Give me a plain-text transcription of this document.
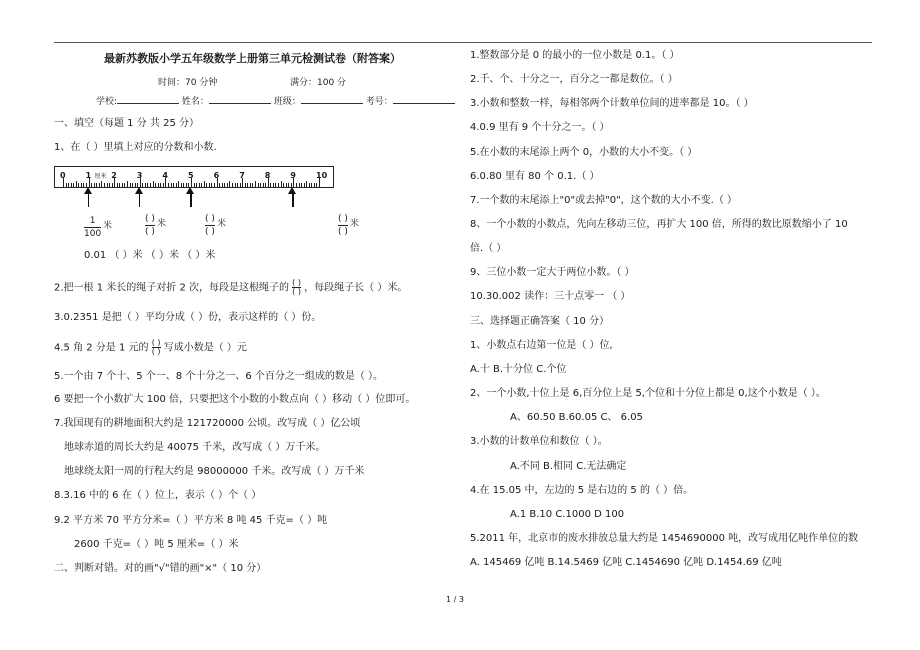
最新苏教版小学五年级数学上册第三单元检测试卷（附答案）
时间：70 分钟	满分：100 分
学校:	姓名：	班级：	考号：
一、填空（每题 1 分 共 25 分）
1、在（ ）里填上对应的分数和小数.
0	1	2	3	4	5	6	7	8	9	10
厘米
1
100
米
( )
( )
米	( )
( )
米	( )
( )
米
0.01 （ ）米 （ ）米 （ ）米
2.把一根 1 米长的绳子对折 2 次，每段是这根绳子的 ( )

( ) ，每段绳子长（ ）米。
3.0.2351 是把（ ）平均分成（ ）份，表示这样的（ ）份。
4.5 角 2 分是 1 元的 ( )

( ) 写成小数是（ ）元
5.一个由 7 个十、5 个一、8 个十分之一、6 个百分之一组成的数是（ ）。
6 要把一个小数扩大 100 倍，只要把这个小数的小数点向（ ）移动（ ）位即可。
7.我国现有的耕地面积大约是 121720000 公顷。改写成（ ）亿公顷
地球赤道的周长大约是 40075 千米，改写成（ ）万千米。
地球绕太阳一周的行程大约是 98000000 千米。改写成（ ）万千米
8.3.16 中的 6 在（ ）位上，表示（ ）个（ ）
9.2 平方米 70 平方分米=（ ）平方米 8 吨 45 千克=（ ）吨
2600 千克=（ ）吨 5 厘米=（ ）米
二、判断对错。对的画"√"错的画"×"（ 10 分）
1.整数部分是 0 的最小的一位小数是 0.1。（ ）
2.千、个、十分之一，百分之一都是数位。（ ）
3.小数和整数一样，每相邻两个计数单位间的进率都是 10。（ ）
4.0.9 里有 9 个十分之一。（ ）
5.在小数的末尾添上两个 0，小数的大小不变。（ ）
6.0.80 里有 80 个 0.1.（ ）
7.一个数的末尾添上"0"或去掉"0"，这个数的大小不变.（ ）
8、一个小数的小数点，先向左移动三位，再扩大 100 倍，所得的数比原数缩小了 10
倍.（ ）
9、三位小数一定大于两位小数。（ ）
10.30.002 读作：三十点零一 （ ）
三、选择题正确答案（ 10 分）
1、小数点右边第一位是（ ）位,
A.十 B.十分位 C.个位
2、一个小数,十位上是 6,百分位上是 5,个位和十分位上都是 0,这个小数是（ ）。
A、60.50 B.60.05 C、 6.05
3.小数的计数单位和数位（ ）。
A.不同 B.相同 C.无法确定
4.在 15.05 中，左边的 5 是右边的 5 的（ ）倍。
A.1 B.10 C.1000 D 100
5.2011 年，北京市的废水排放总量大约是 1454690000 吨，改写成用亿吨作单位的数
A. 145469 亿吨 B.14.5469 亿吨 C.1454690 亿吨 D.1454.69 亿吨
1 / 3
